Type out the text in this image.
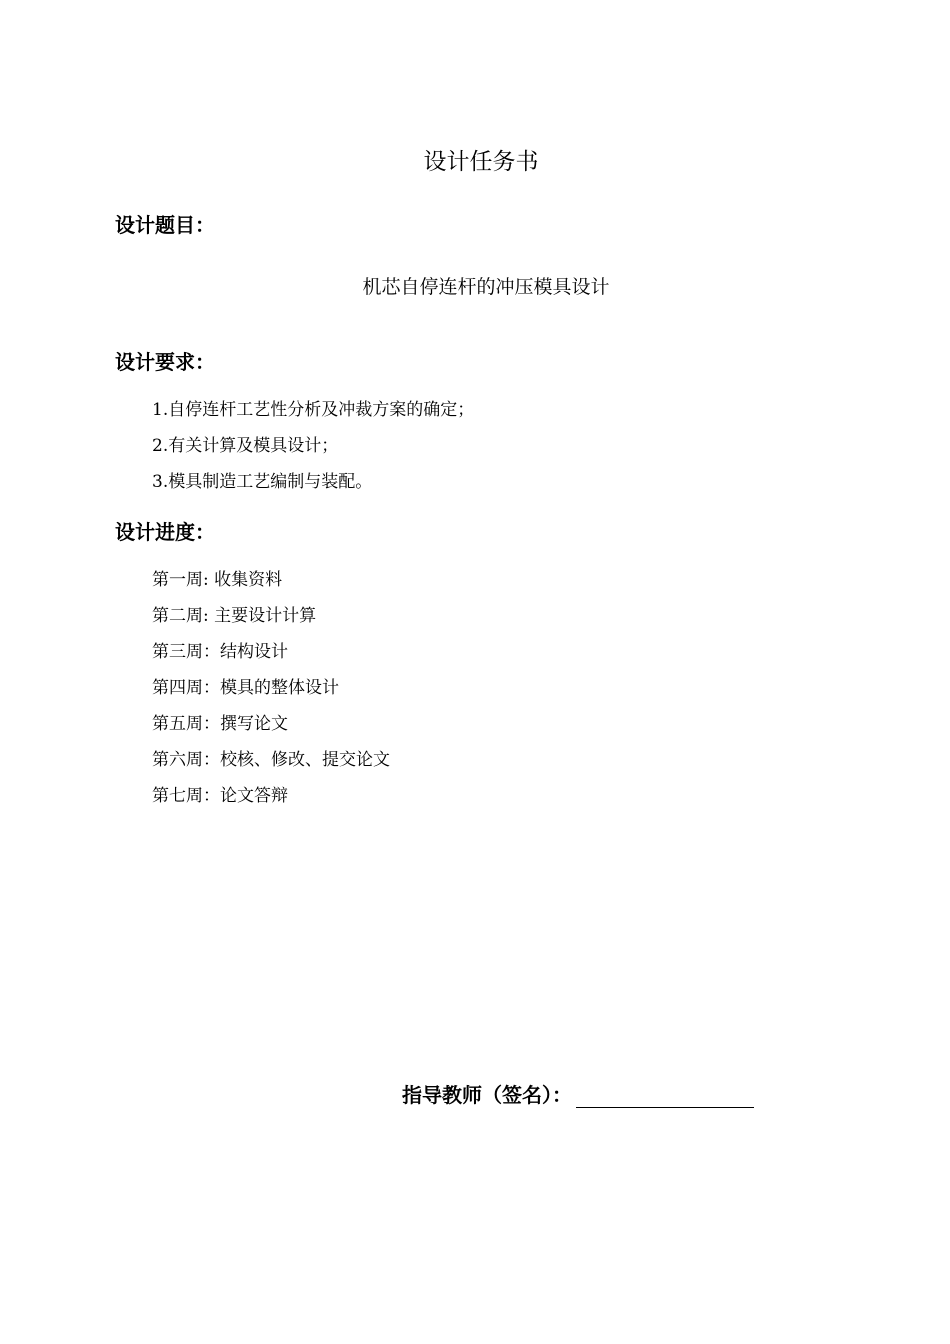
设计任务书
设计题目：
机芯自停连杆的冲压模具设计
设计要求：
1.自停连杆工艺性分析及冲裁方案的确定；
2.有关计算及模具设计；
3.模具制造工艺编制与装配。
设计进度：
第一周: 收集资料
第二周: 主要设计计算
第三周：结构设计
第四周：模具的整体设计
第五周：撰写论文
第六周：校核、修改、提交论文
第七周：论文答辩
指导教师（签名）：
